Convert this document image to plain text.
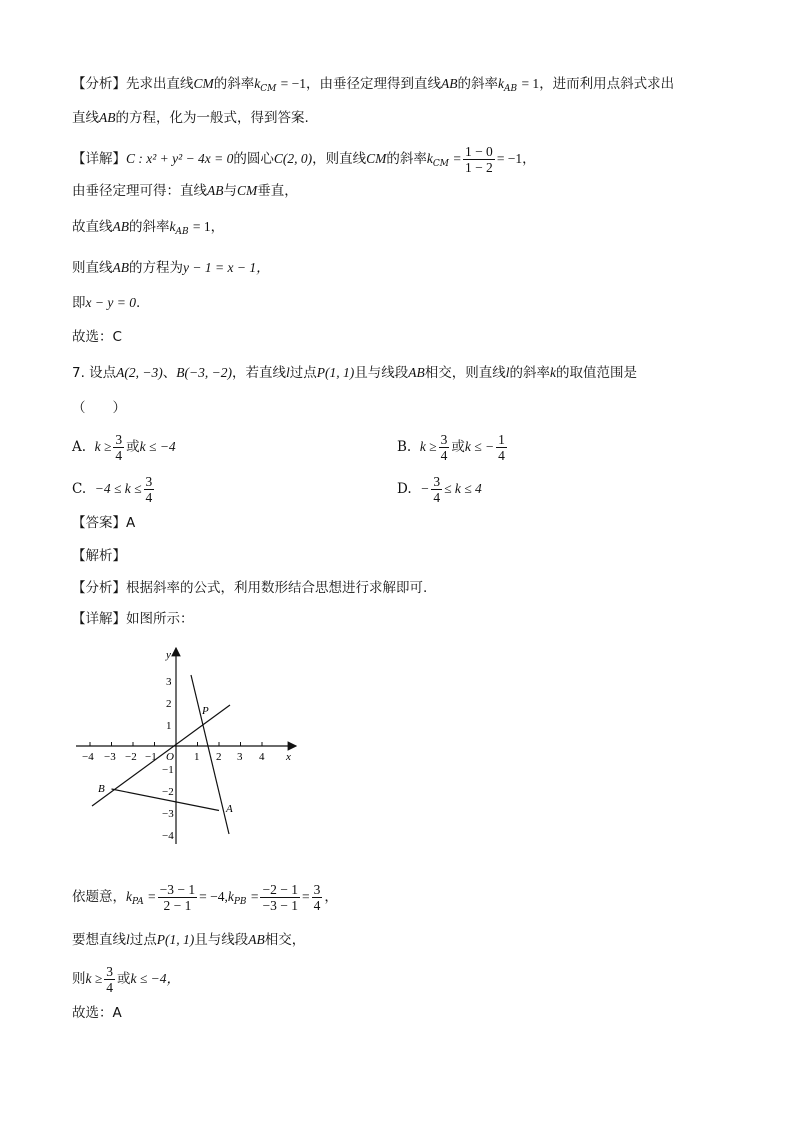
【分析】先求出直线CM的斜率$k_{CM} = -1$，由垂径定理得到直线AB的斜率$k_{AB} = 1$，进而利用点斜式求出
直线AB的方程，化为一般式，得到答案.
【详解】C : x² + y² − 4x = 0的圆心C(2, 0)，则直线CM的斜率$k_{CM} = \frac{1 - 0}{1 - 2} = -1$，
由垂径定理可得：直线AB与CM垂直，
故直线AB的斜率$k_{AB} = 1$，
则直线AB的方程为y − 1 = x − 1，
即x − y = 0.
故选：C
7. 设点A(2, −3)、B(−3, −2)，若直线l过点P(1, 1)且与线段AB相交，则直线l的斜率k的取值范围是
（　　）
A. $k \ge \frac{3}{4}$ 或k ≤ −4	B. $k \ge \frac{3}{4}$ 或k ≤ − $\frac{1}{4}$
C. $-4 \le k \le \frac{3}{4}$	D. − $\frac{3}{4} \le k \le 4$
【答案】A
【解析】
【分析】根据斜率的公式，利用数形结合思想进行求解即可.
【详解】如图所示：
x
y
O
−4 −3 −2 −1	1 2 3 4
3
2
1
−1
−2
−3
−4
P
A
B
依题意，$k_{PA} = \frac{-3 - 1}{2 - 1} = -4,k_{PB} = \frac{-2 - 1}{-3 - 1} = \frac{3}{4}$ ，
要想直线l过点P(1, 1)且与线段AB相交，
则$k \ge \frac{3}{4}$ 或k ≤ −4，
故选：A
